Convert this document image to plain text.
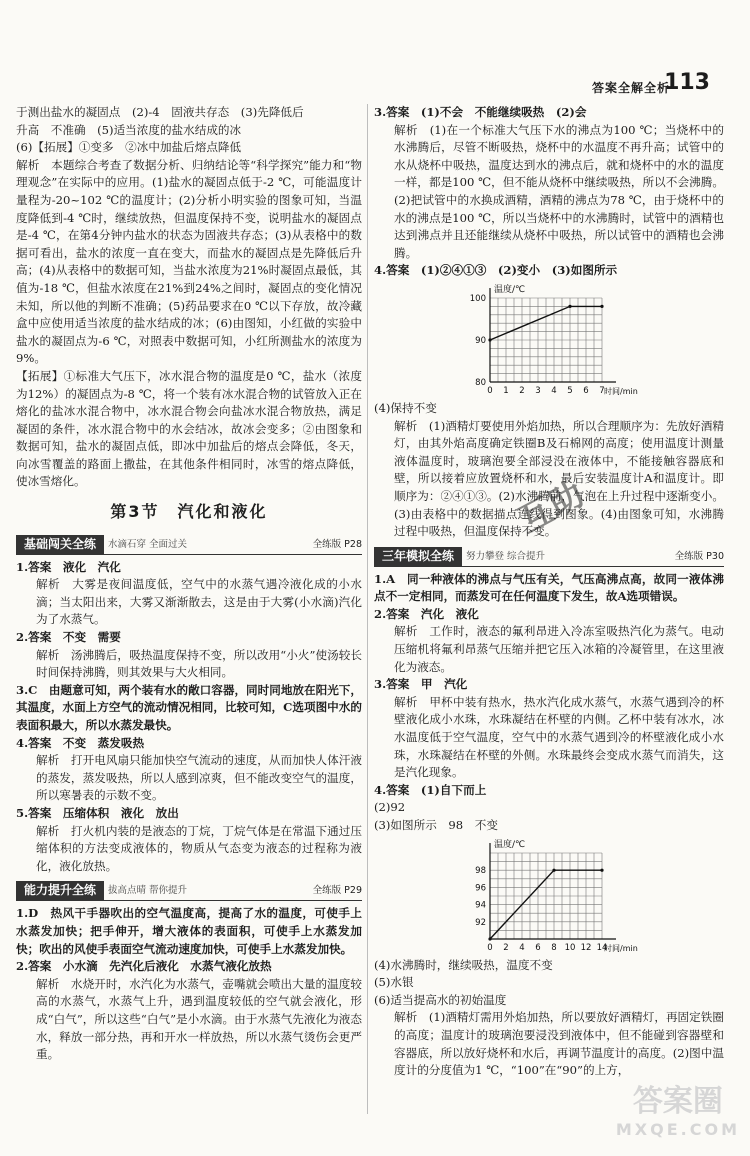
答案全解全析
113

于测出盐水的凝固点　(2)-4　固液共存态　(3)先降低后

升高　不准确　(5)适当浓度的盐水结成的冰

(6)【拓展】①变多　②冰中加盐后熔点降低

解析　本题综合考查了数据分析、归纳结论等“科学探究”能力和“物理观念”在实际中的应用。(1)盐水的凝固点低于-2 ℃，可能温度计量程为-20~102 ℃的温度计；(2)分析小明实验的图象可知，当温度降低到-4 ℃时，继续放热，但温度保持不变，说明盐水的凝固点是-4 ℃，在第4分钟内盐水的状态为固液共存态；(3)从表格中的数据可看出，盐水的浓度一直在变大，而盐水的凝固点是先降低后升高；(4)从表格中的数据可知，当盐水浓度为21%时凝固点最低，其值为-18 ℃，但盐水浓度在21%到24%之间时，凝固点的变化情况未知，所以他的判断不准确；(5)药品要求在0 ℃以下存放，故冷藏盒中应使用适当浓度的盐水结成的冰；(6)由图知，小红做的实验中盐水的凝固点为-6 ℃，对照表中数据可知，小红所测盐水的浓度为9%。

【拓展】①标准大气压下，冰水混合物的温度是0 ℃，盐水（浓度为12%）的凝固点为-8 ℃，将一个装有冰水混合物的试管放入正在熔化的盐冰水混合物中，冰水混合物会向盐冰水混合物放热，满足凝固的条件，冰水混合物中的水会结冰，故冰会变多；②由图象和数据可知，盐水的凝固点低，即冰中加盐后的熔点会降低，冬天，向冰雪覆盖的路面上撒盐，在其他条件相同时，冰雪的熔点降低，使冰雪熔化。

第3节　汽化和液化
基础闯关全练	水滴石穿 全面过关	全练版 P28

1.答案　液化　汽化

解析　大雾是夜间温度低，空气中的水蒸气遇冷液化成的小水滴；当太阳出来，大雾又渐渐散去，这是由于大雾(小水滴)汽化为了水蒸气。

2.答案　不变　需要

解析　汤沸腾后，吸热温度保持不变，所以改用“小火”使汤较长时间保持沸腾，则其效果与大火相同。

3.C　由题意可知，两个装有水的敞口容器，同时同地放在阳光下，其温度，水面上方空气的流动情况相同，比较可知，C选项图中水的表面积最大，所以水蒸发最快。

4.答案　不变　蒸发吸热

解析　打开电风扇只能加快空气流动的速度，从而加快人体汗液的蒸发，蒸发吸热，所以人感到凉爽，但不能改变空气的温度，所以寒暑表的示数不变。

5.答案　压缩体积　液化　放出

解析　打火机内装的是液态的丁烷，丁烷气体是在常温下通过压缩体积的方法变成液体的，物质从气态变为液态的过程称为液化，液化放热。

能力提升全练	拔高点晴 帮你提升	全练版 P29

1.D　热风干手器吹出的空气温度高，提高了水的温度，可使手上水蒸发加快；把手伸开，增大液体的表面积，可使手上水蒸发加快；吹出的风使手表面空气流动速度加快，可使手上水蒸发加快。

2.答案　小水滴　先汽化后液化　水蒸气液化放热

解析　水烧开时，水汽化为水蒸气，壶嘴就会喷出大量的温度较高的水蒸气，水蒸气上升，遇到温度较低的空气就会液化，形成“白气”，所以这些“白气”是小水滴。由于水蒸气先液化为液态水，释放一部分热，再和开水一样放热，所以水蒸气烫伤会更严重。

3.答案　(1)不会　不能继续吸热　(2)会

解析　(1)在一个标准大气压下水的沸点为100 ℃；当烧杯中的水沸腾后，尽管不断吸热，烧杯中的水温度不再升高；试管中的水从烧杯中吸热，温度达到水的沸点后，就和烧杯中的水的温度一样，都是100 ℃，但不能从烧杯中继续吸热，所以不会沸腾。(2)把试管中的水换成酒精，酒精的沸点为78 ℃，由于烧杯中的水的沸点是100 ℃，所以当烧杯中的水沸腾时，试管中的酒精也达到沸点并且还能继续从烧杯中吸热，所以试管中的酒精也会沸腾。

4.答案　(1)②④①③　(2)变小　(3)如图所示

温度/℃
时间/min
80
90
100
0 1 2 3 4 5 6 7

(4)保持不变

解析　(1)酒精灯要使用外焰加热，所以合理顺序为：先放好酒精灯，由其外焰高度确定铁圈B及石棉网的高度；使用温度计测量液体温度时，玻璃泡要全部浸没在液体中，不能接触容器底和壁，所以接着应放置烧杯和水，最后安装温度计A和温度计。即顺序为：②④①③。(2)水沸腾前，气泡在上升过程中逐渐变小。(3)由表格中的数据描点连线得到图象。(4)由图象可知，水沸腾过程中吸热，但温度保持不变。

三年模拟全练	努力攀登 综合提升	全练版 P30

1.A　同一种液体的沸点与气压有关，气压高沸点高，故同一液体沸点不一定相同，而蒸发可在任何温度下发生，故A选项错误。

2.答案　汽化　液化

解析　工作时，液态的氟利昂进入冷冻室吸热汽化为蒸气。电动压缩机将氟利昂蒸气压缩并把它压入冰箱的冷凝管里，在这里液化为液态。

3.答案　甲　汽化

解析　甲杯中装有热水，热水汽化成水蒸气，水蒸气遇到冷的杯壁液化成小水珠，水珠凝结在杯壁的内侧。乙杯中装有冰水，冰水温度低于空气温度，空气中的水蒸气遇到冷的杯壁液化成小水珠，水珠凝结在杯壁的外侧。水珠最终会变成水蒸气而消失，这是汽化现象。

4.答案　(1)自下而上

(2)92

(3)如图所示　98　不变

温度/℃
时间/min
92
94
96
98
0 2 4 6 8 10 12 14

(4)水沸腾时，继续吸热，温度不变

(5)水银

(6)适当提高水的初始温度

解析　(1)酒精灯需用外焰加热，所以要放好酒精灯，再固定铁圈的高度；温度计的玻璃泡要浸没到液体中，但不能碰到容器壁和容器底，所以放好烧杯和水后，再调节温度计的高度。(2)图中温度计的分度值为1 ℃，“100”在“90”的上方，

互助
答案圈
MXQE.COM
